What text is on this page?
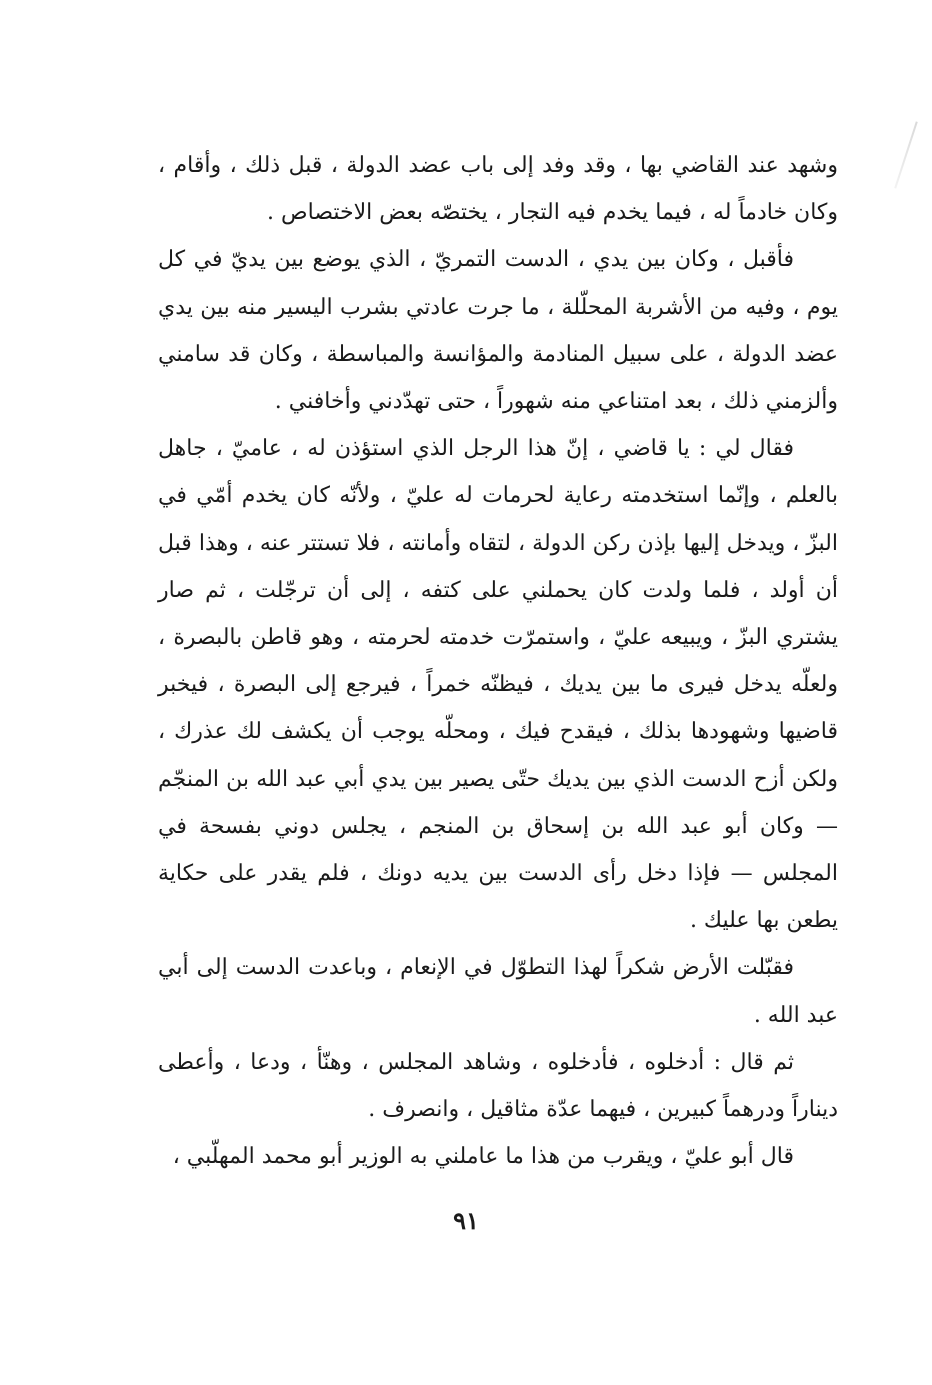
وشهد عند القاضي بها ، وقد وفد إلى باب عضد الدولة ، قبل ذلك ، وأقام ، وكان خادماً له ، فيما يخدم فيه التجار ، يختصّه بعض الاختصاص .

فأقبل ، وكان بين يدي ، الدست التمريّ ، الذي يوضع بين يديّ في كل يوم ، وفيه من الأشربة المحلّلة ، ما جرت عادتي بشرب اليسير منه بين يدي عضد الدولة ، على سبيل المنادمة والمؤانسة والمباسطة ، وكان قد سامني وألزمني ذلك ، بعد امتناعي منه شهوراً ، حتى تهدّدني وأخافني .

فقال لي : يا قاضي ، إنّ هذا الرجل الذي استؤذن له ، عاميّ ، جاهل بالعلم ، وإنّما استخدمته رعاية لحرمات له عليّ ، ولأنّه كان يخدم أمّي في البزّ ، ويدخل إليها بإذن ركن الدولة ، لتقاه وأمانته ، فلا تستتر عنه ، وهذا قبل أن أولد ، فلما ولدت كان يحملني على كتفه ، إلى أن ترجّلت ، ثم صار يشتري البزّ ، ويبيعه عليّ ، واستمرّت خدمته لحرمته ، وهو قاطن بالبصرة ، ولعلّه يدخل فيرى ما بين يديك ، فيظنّه خمراً ، فيرجع إلى البصرة ، فيخبر قاضيها وشهودها بذلك ، فيقدح فيك ، ومحلّه يوجب أن يكشف لك عذرك ، ولكن أزح الدست الذي بين يديك حتّى يصير بين يدي أبي عبد الله بن المنجّم— وكان أبو عبد الله بن إسحاق بن المنجم ، يجلس دوني بفسحة في المجلس — فإذا دخل رأى الدست بين يديه دونك ، فلم يقدر على حكاية يطعن بها عليك .

فقبّلت الأرض شكراً لهذا التطوّل في الإنعام ، وباعدت الدست إلى أبي عبد الله .

ثم قال : أدخلوه ، فأدخلوه ، وشاهد المجلس ، وهنّأ ، ودعا ، وأعطى ديناراً ودرهماً كبيرين ، فيهما عدّة مثاقيل ، وانصرف .

قال أبو عليّ ، ويقرب من هذا ما عاملني به الوزير أبو محمد المهلّبي ،

٩١
